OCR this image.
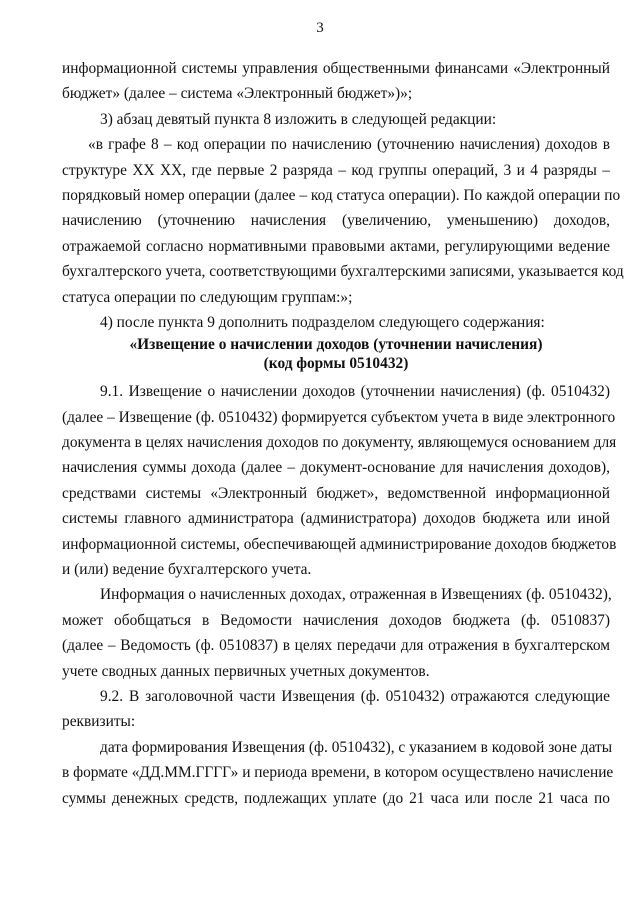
3
информационной системы управления общественными финансами «Электронный
бюджет» (далее – система «Электронный бюджет»)»;
3) абзац девятый пункта 8 изложить в следующей редакции:
«в графе 8 – код операции по начислению (уточнению начисления) доходов в
структуре XX XX, где первые 2 разряда – код группы операций, 3 и 4 разряды –
порядковый номер операции (далее – код статуса операции). По каждой операции по
начислению (уточнению начисления (увеличению, уменьшению) доходов,
отражаемой согласно нормативными правовыми актами, регулирующими ведение
бухгалтерского учета, соответствующими бухгалтерскими записями, указывается код
статуса операции по следующим группам:»;
4) после пункта 9 дополнить подразделом следующего содержания:
«Извещение о начислении доходов (уточнении начисления)
(код формы 0510432)
9.1. Извещение о начислении доходов (уточнении начисления) (ф. 0510432)
(далее – Извещение (ф. 0510432) формируется субъектом учета в виде электронного
документа в целях начисления доходов по документу, являющемуся основанием для
начисления суммы дохода (далее – документ-основание для начисления доходов),
средствами системы «Электронный бюджет», ведомственной информационной
системы главного администратора (администратора) доходов бюджета или иной
информационной системы, обеспечивающей администрирование доходов бюджетов
и (или) ведение бухгалтерского учета.
Информация о начисленных доходах, отраженная в Извещениях (ф. 0510432),
может обобщаться в Ведомости начисления доходов бюджета (ф. 0510837)
(далее – Ведомость (ф. 0510837) в целях передачи для отражения в бухгалтерском
учете сводных данных первичных учетных документов.
9.2. В заголовочной части Извещения (ф. 0510432) отражаются следующие
реквизиты:
дата формирования Извещения (ф. 0510432), с указанием в кодовой зоне даты
в формате «ДД.ММ.ГГГГ» и периода времени, в котором осуществлено начисление
суммы денежных средств, подлежащих уплате (до 21 часа или после 21 часа по
